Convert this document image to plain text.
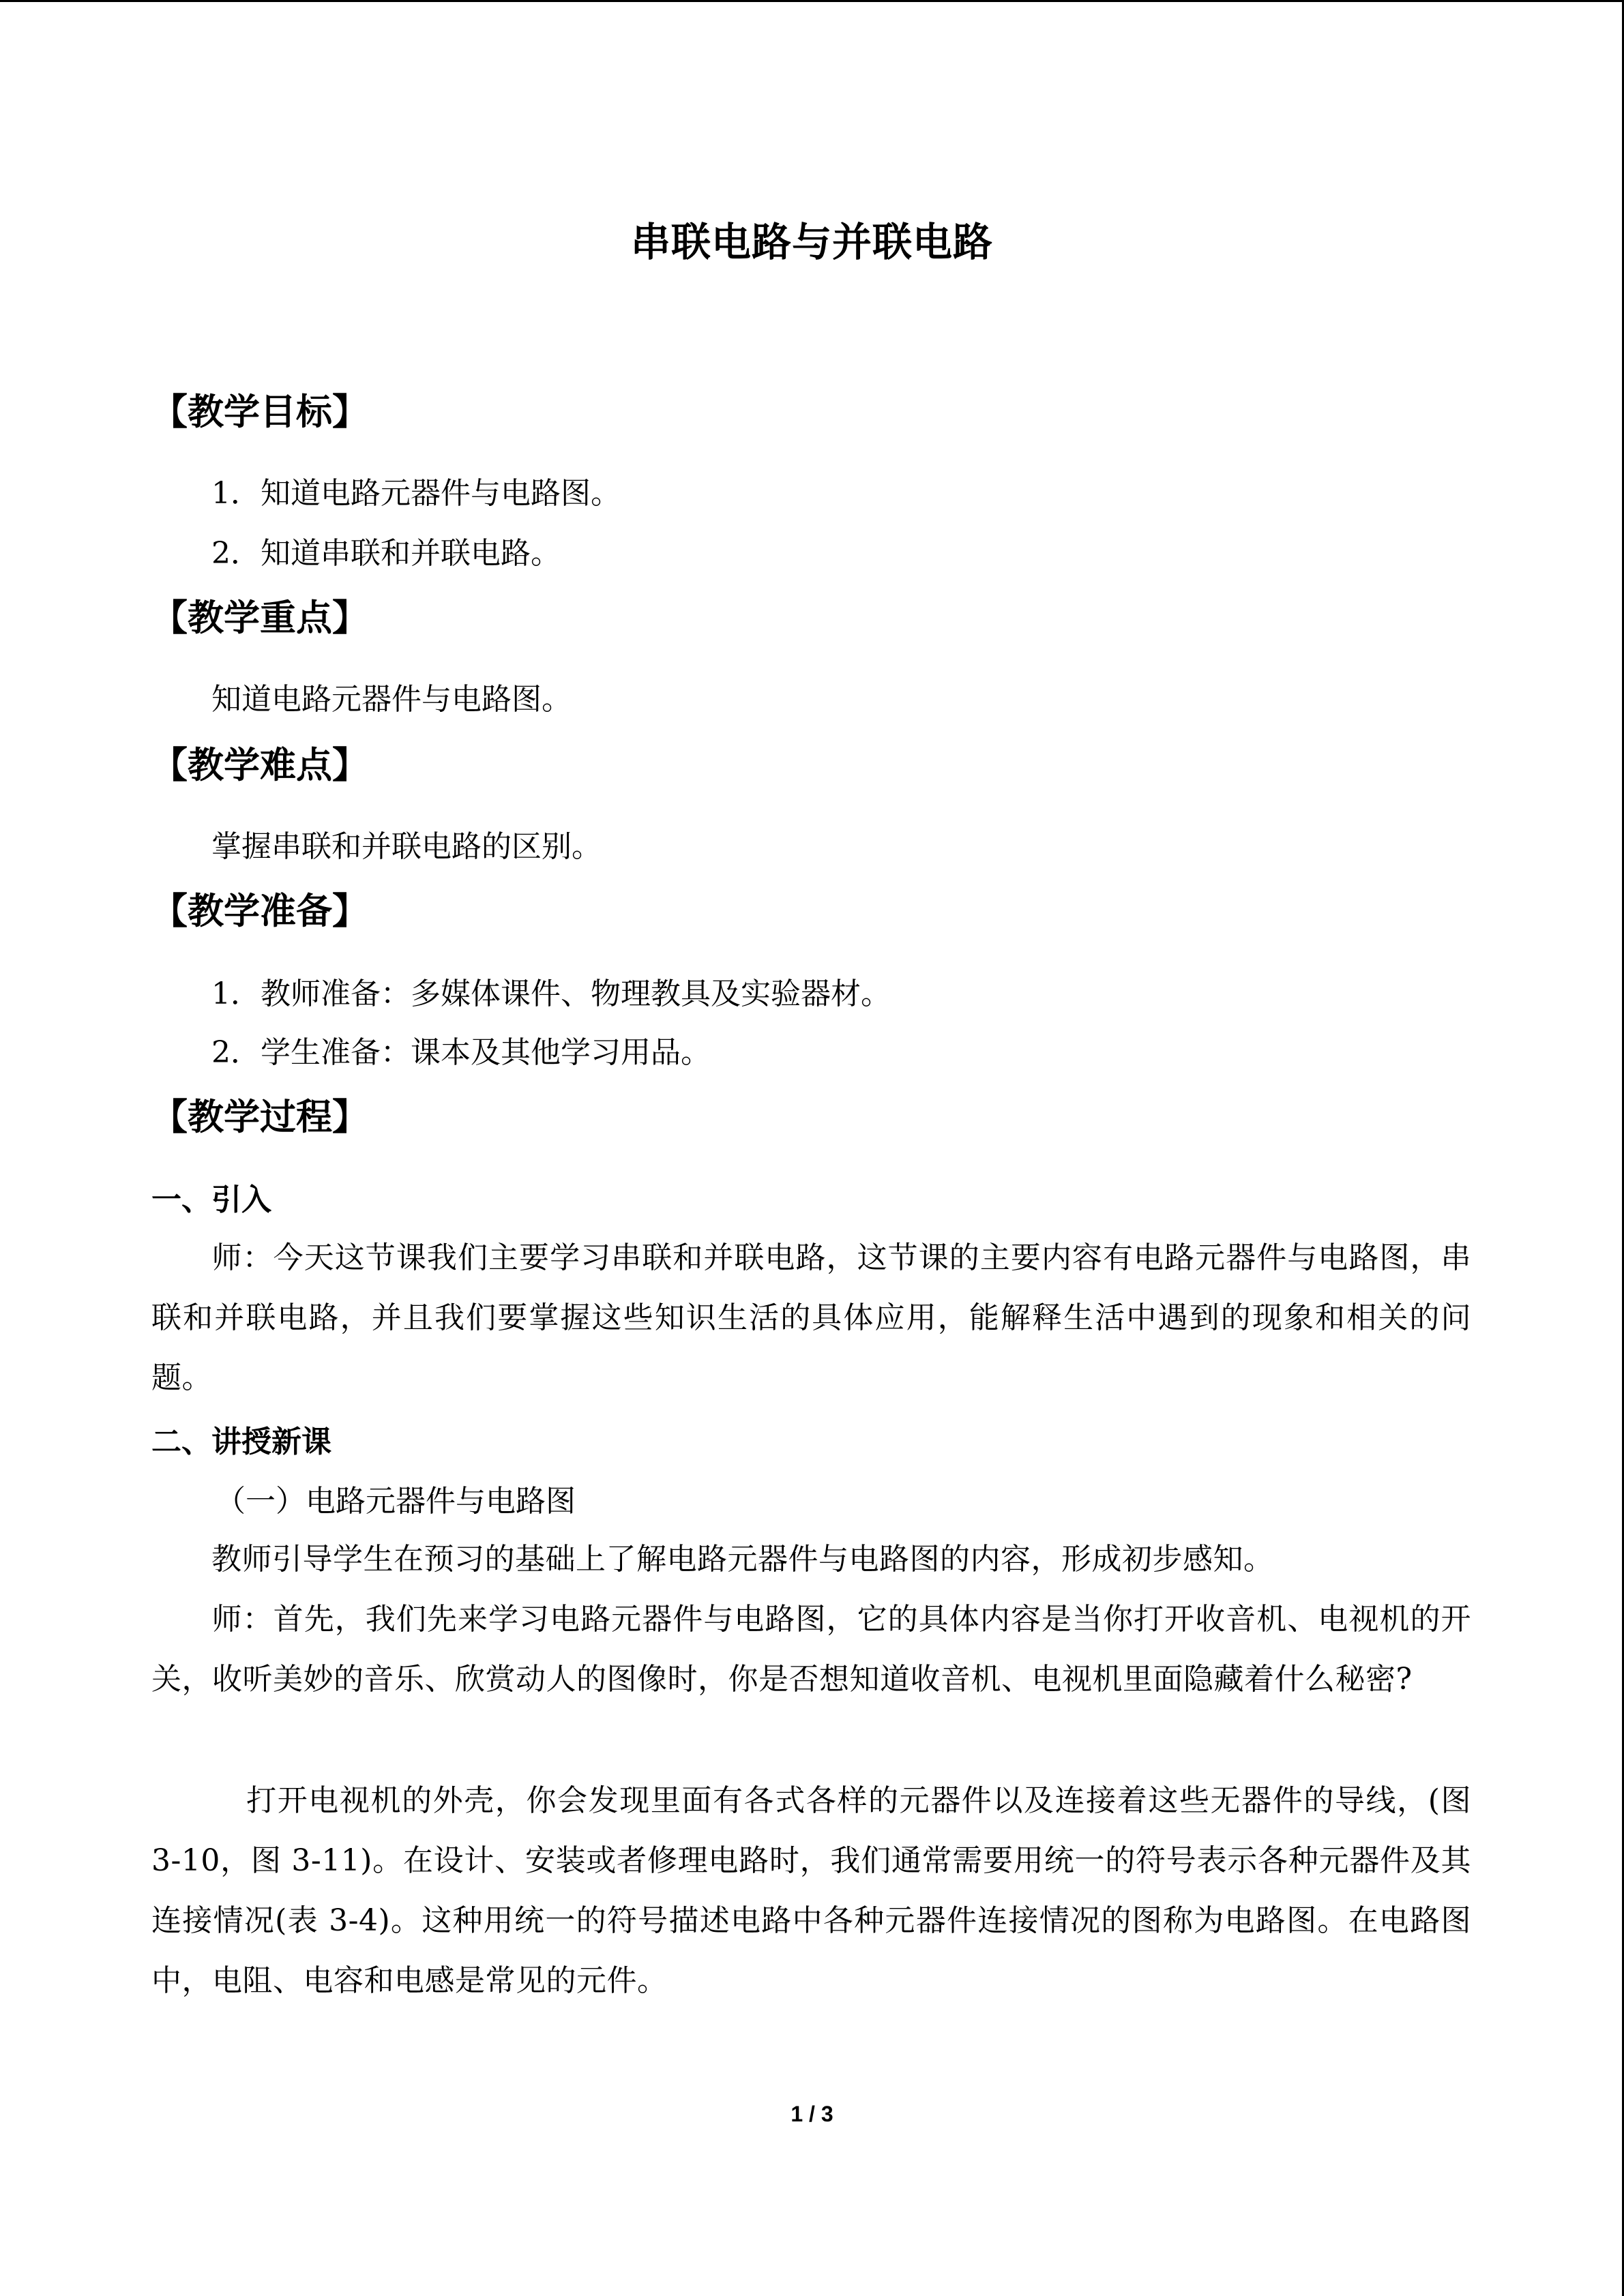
串联电路与并联电路
【教学目标】
1．知道电路元器件与电路图。
2．知道串联和并联电路。
【教学重点】
知道电路元器件与电路图。
【教学难点】
掌握串联和并联电路的区别。
【教学准备】
1．教师准备：多媒体课件、物理教具及实验器材。
2．学生准备：课本及其他学习用品。
【教学过程】
一、引入
师：今天这节课我们主要学习串联和并联电路，这节课的主要内容有电路元器件与电路图，串联和并联电路，并且我们要掌握这些知识生活的具体应用，能解释生活中遇到的现象和相关的问题。
二、讲授新课
（一）电路元器件与电路图
教师引导学生在预习的基础上了解电路元器件与电路图的内容，形成初步感知。
师：首先，我们先来学习电路元器件与电路图，它的具体内容是当你打开收音机、电视机的开关，收听美妙的音乐、欣赏动人的图像时，你是否想知道收音机、电视机里面隐藏着什么秘密?
打开电视机的外壳，你会发现里面有各式各样的元器件以及连接着这些无器件的导线，(图 3-10，图 3-11)。在设计、安装或者修理电路时，我们通常需要用统一的符号表示各种元器件及其连接情况(表 3-4)。这种用统一的符号描述电路中各种元器件连接情况的图称为电路图。在电路图中，电阻、电容和电感是常见的元件。
1 / 3
